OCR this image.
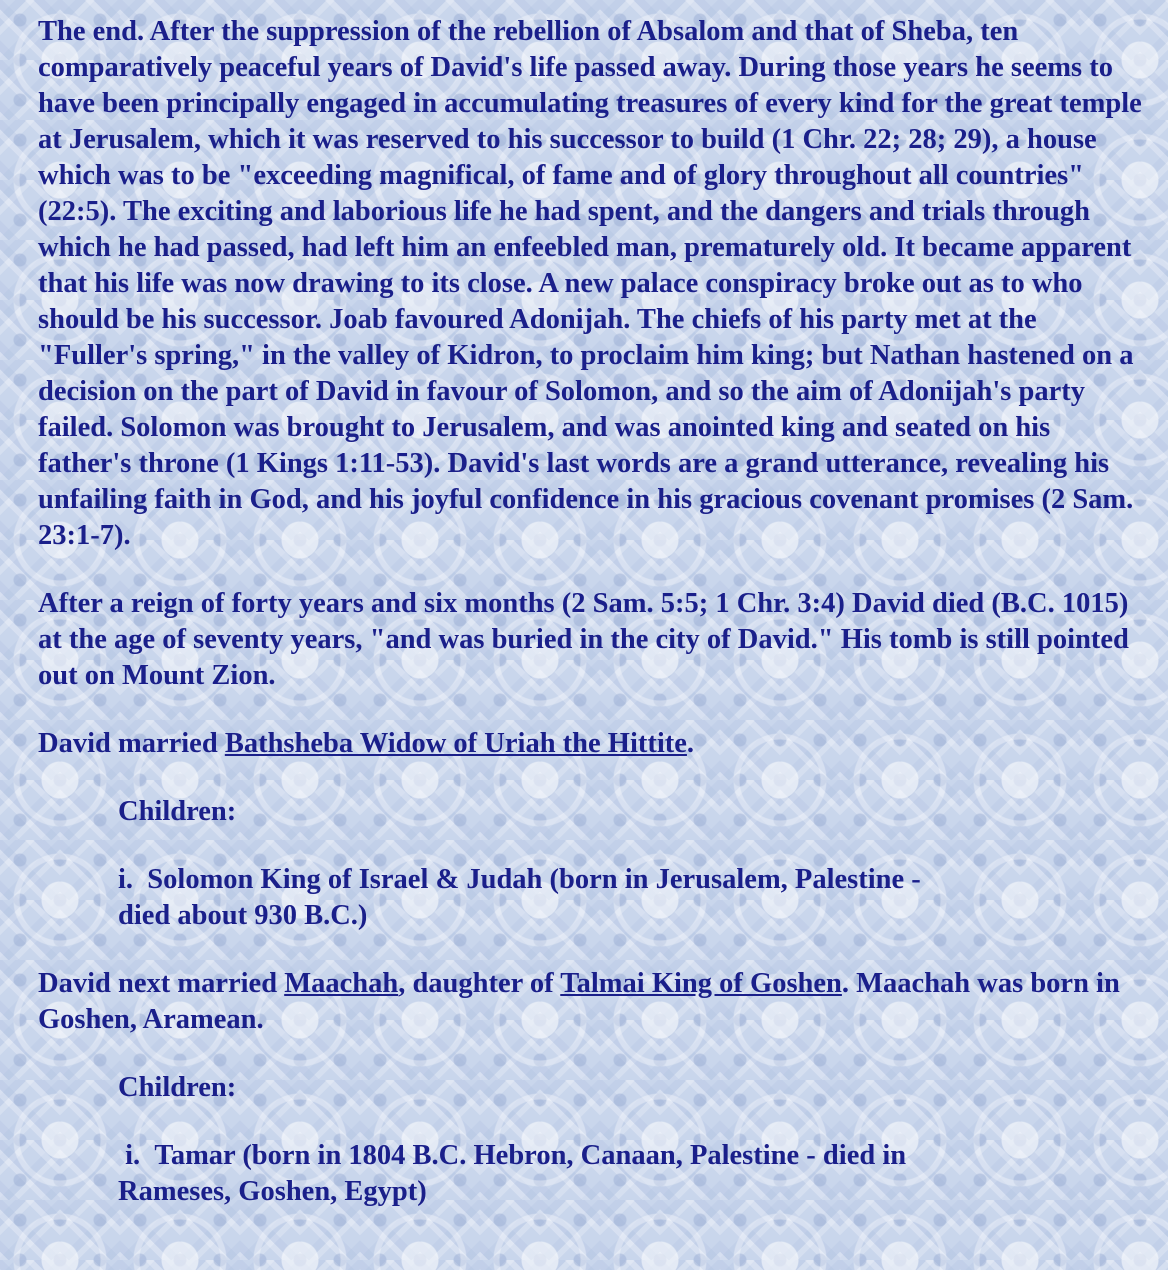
The end. After the suppression of the rebellion of Absalom and that of Sheba, ten comparatively peaceful years of David's life passed away. During those years he seems to have been principally engaged in accumulating treasures of every kind for the great temple at Jerusalem, which it was reserved to his successor to build (1 Chr. 22; 28; 29), a house which was to be "exceeding magnifical, of fame and of glory throughout all countries" (22:5). The exciting and laborious life he had spent, and the dangers and trials through which he had passed, had left him an enfeebled man, prematurely old. It became apparent that his life was now drawing to its close. A new palace conspiracy broke out as to who should be his successor. Joab favoured Adonijah. The chiefs of his party met at the "Fuller's spring," in the valley of Kidron, to proclaim him king; but Nathan hastened on a decision on the part of David in favour of Solomon, and so the aim of Adonijah's party failed. Solomon was brought to Jerusalem, and was anointed king and seated on his father's throne (1 Kings 1:11-53). David's last words are a grand utterance, revealing his unfailing faith in God, and his joyful confidence in his gracious covenant promises (2 Sam. 23:1-7).

After a reign of forty years and six months (2 Sam. 5:5; 1 Chr. 3:4) David died (B.C. 1015) at the age of seventy years, "and was buried in the city of David." His tomb is still pointed out on Mount Zion.

David married Bathsheba Widow of Uriah the Hittite.

Children:

i. Solomon King of Israel & Judah (born in Jerusalem, Palestine -
died about 930 B.C.)

David next married Maachah, daughter of Talmai King of Goshen. Maachah was born in Goshen, Aramean.

Children:

i. Tamar (born in 1804 B.C. Hebron, Canaan, Palestine - died in
Rameses, Goshen, Egypt)
